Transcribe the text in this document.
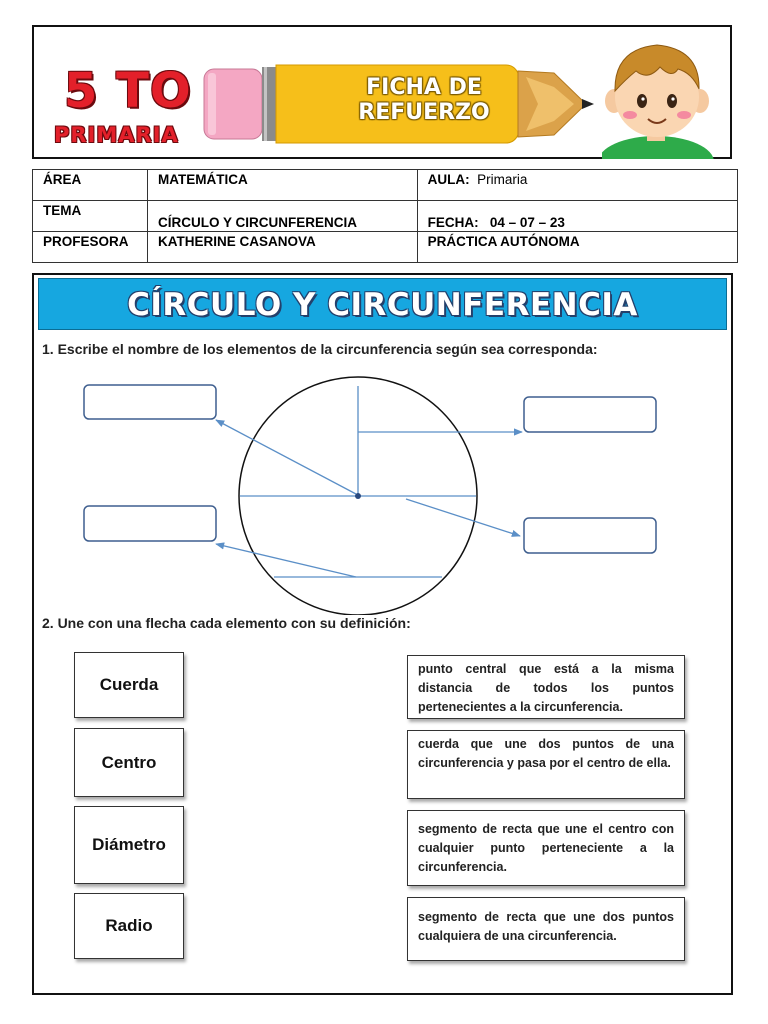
5 TO
PRIMARIA
FICHA DE REFUERZO
ÁREA	MATEMÁTICA	AULA: Primaria
TEMA	CÍRCULO Y CIRCUNFERENCIA	FECHA: 04 – 07 – 23
PROFESORA	KATHERINE CASANOVA	PRÁCTICA AUTÓNOMA
CÍRCULO Y CIRCUNFERENCIA
1. Escribe el nombre de los elementos de la circunferencia según sea corresponda:
2. Une con una flecha cada elemento con su definición:
Cuerda
Centro
Diámetro
Radio
punto central que está a la misma distancia de todos los puntos pertenecientes a la circunferencia.
cuerda que une dos puntos de una circunferencia y pasa por el centro de ella.
segmento de recta que une el centro con cualquier punto perteneciente a la circunferencia.
segmento de recta que une dos puntos cualquiera de una circunferencia.
